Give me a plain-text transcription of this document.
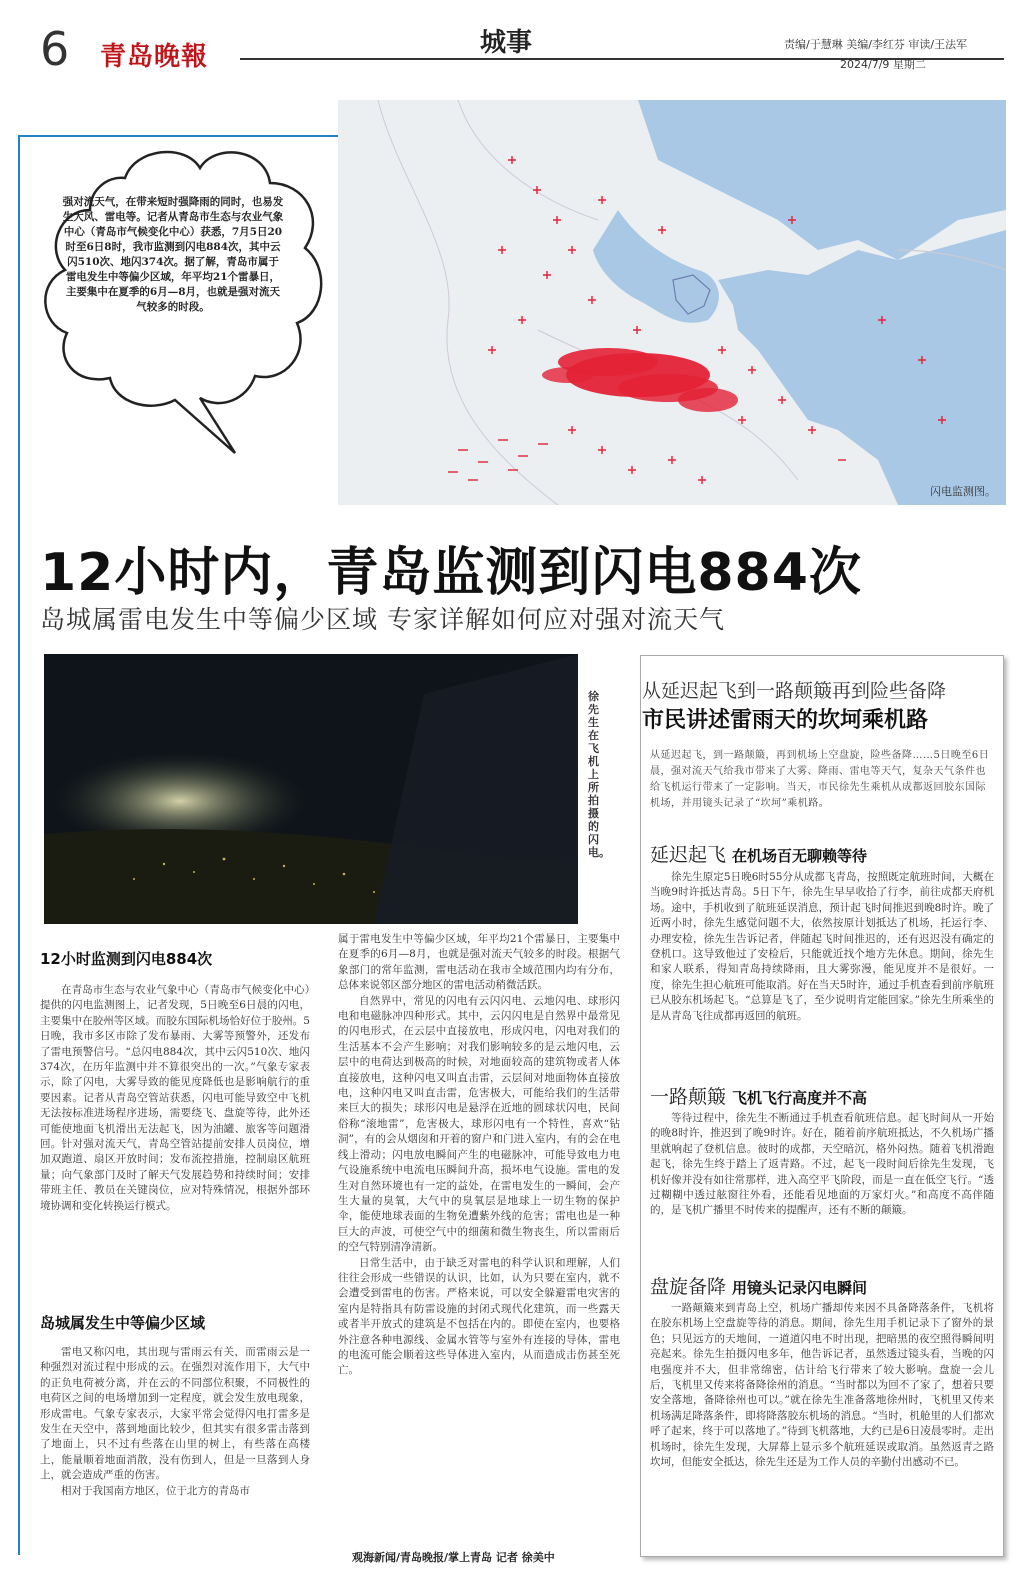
6 青岛晚報	城事	责编/于慧琳 美编/李红芬 审读/王法军
2024/7/9 星期二
闪电监测图。
强对流天气，在带来短时强降雨的同时，也易发生大风、雷电等。记者从青岛市生态与农业气象中心（青岛市气候变化中心）获悉，7月5日20时至6日8时，我市监测到闪电884次，其中云闪510次、地闪374次。据了解，青岛市属于雷电发生中等偏少区域，年平均21个雷暴日，主要集中在夏季的6月—8月，也就是强对流天气较多的时段。
12小时内，青岛监测到闪电884次
岛城属雷电发生中等偏少区域 专家详解如何应对强对流天气
徐先生在飞机上所拍摄的闪电。
12小时监测到闪电884次

在青岛市生态与农业气象中心（青岛市气候变化中心）提供的闪电监测图上，记者发现，5日晚至6日晨的闪电，主要集中在胶州等区域。而胶东国际机场恰好位于胶州。5日晚，我市多区市除了发布暴雨、大雾等预警外，还发布了雷电预警信号。“总闪电884次，其中云闪510次、地闪374次，在历年监测中并不算很突出的一次。”气象专家表示，除了闪电，大雾导致的能见度降低也是影响航行的重要因素。记者从青岛空管站获悉，闪电可能导致空中飞机无法按标准进场程序进场，需要绕飞、盘旋等待，此外还可能使地面飞机滑出无法起飞，因为油罐、旅客等问题滑回。针对强对流天气，青岛空管站提前安排人员岗位，增加双跑道、扇区开放时间；发布流控措施，控制扇区航班量；向气象部门及时了解天气发展趋势和持续时间；安排带班主任、教员在关键岗位，应对特殊情况，根据外部环境协调和变化转换运行模式。

岛城属发生中等偏少区域

雷电又称闪电，其出现与雷雨云有关，而雷雨云是一种强烈对流过程中形成的云。在强烈对流作用下，大气中的正负电荷被分离，并在云的不同部位积聚，不同极性的电荷区之间的电场增加到一定程度，就会发生放电现象，形成雷电。气象专家表示，大家平常会觉得闪电打雷多是发生在天空中，落到地面比较少，但其实有很多雷击落到了地面上，只不过有些落在山里的树上，有些落在高楼上，能量顺着地面消散，没有伤到人，但是一旦落到人身上，就会造成严重的伤害。

相对于我国南方地区，位于北方的青岛市

属于雷电发生中等偏少区域，年平均21个雷暴日，主要集中在夏季的6月—8月，也就是强对流天气较多的时段。根据气象部门的常年监测，雷电活动在我市全域范围内均有分布，总体来说邻区部分地区的雷电活动稍微活跃。

自然界中，常见的闪电有云闪闪电、云地闪电、球形闪电和电磁脉冲四种形式。其中，云闪闪电是自然界中最常见的闪电形式，在云层中直接放电，形成闪电，闪电对我们的生活基本不会产生影响；对我们影响较多的是云地闪电，云层中的电荷达到极高的时候，对地面较高的建筑物或者人体直接放电，这种闪电又叫直击雷，云层间对地面物体直接放电，这种闪电又叫直击雷，危害极大，可能给我们的生活带来巨大的损失；球形闪电是悬浮在近地的圆球状闪电，民间俗称“滚地雷”，危害极大，球形闪电有一个特性，喜欢“钻洞”，有的会从烟囱和开着的窗户和门进入室内，有的会在电线上滑动；闪电放电瞬间产生的电磁脉冲，可能导致电力电气设施系统中电流电压瞬间升高，损坏电气设施。雷电的发生对自然环境也有一定的益处，在雷电发生的一瞬间，会产生大量的臭氧，大气中的臭氧层是地球上一切生物的保护伞，能使地球表面的生物免遭紫外线的危害；雷电也是一种巨大的声波，可使空气中的细菌和微生物丧生，所以雷雨后的空气特别清净清新。

日常生活中，由于缺乏对雷电的科学认识和理解，人们往往会形成一些错误的认识，比如，认为只要在室内，就不会遭受到雷电的伤害。严格来说，可以安全躲避雷电灾害的室内是特指具有防雷设施的封闭式现代化建筑，而一些露天或者半开放式的建筑是不包括在内的。即使在室内，也要格外注意各种电源线、金属水管等与室外有连接的导体，雷电的电流可能会顺着这些导体进入室内，从而造成击伤甚至死亡。

观海新闻/青岛晚报/掌上青岛 记者 徐美中
从延迟起飞到一路颠簸再到险些备降
市民讲述雷雨天的坎坷乘机路
从延迟起飞，到一路颠簸，再到机场上空盘旋，险些备降……5日晚至6日晨，强对流天气给我市带来了大雾、降雨、雷电等天气，复杂天气条件也给飞机运行带来了一定影响。当天，市民徐先生乘机从成都返回胶东国际机场，并用镜头记录了“坎坷”乘机路。
延迟起飞 在机场百无聊赖等待

徐先生原定5日晚6时55分从成都飞青岛，按照既定航班时间，大概在当晚9时许抵达青岛。5日下午，徐先生早早收拾了行李，前往成都天府机场。途中，手机收到了航班延误消息，预计起飞时间推迟到晚8时许。晚了近两小时，徐先生感觉问题不大，依然按原计划抵达了机场，托运行李、办理安检，徐先生告诉记者，伴随起飞时间推迟的，还有迟迟没有确定的登机口。这导致他过了安检后，只能就近找个地方先休息。期间，徐先生和家人联系，得知青岛持续降雨，且大雾弥漫，能见度并不是很好。一度，徐先生担心航班可能取消。好在当天5时许，通过手机查看到前序航班已从胶东机场起飞。“总算是飞了，至少说明肯定能回家。”徐先生所乘坐的是从青岛飞往成都再返回的航班。

一路颠簸 飞机飞行高度并不高

等待过程中，徐先生不断通过手机查看航班信息。起飞时间从一开始的晚8时许，推迟到了晚9时许。好在，随着前序航班抵达，不久机场广播里就响起了登机信息。彼时的成都，天空暗沉，格外闷热。随着飞机滑跑起飞，徐先生终于踏上了返青路。不过，起飞一段时间后徐先生发现，飞机好像并没有如往常那样，进入高空平飞阶段，而是一直在低空飞行。“透过糊糊中透过舷窗往外看，还能看见地面的万家灯火。”和高度不高伴随的，是飞机广播里不时传来的提醒声，还有不断的颠簸。

盘旋备降 用镜头记录闪电瞬间

一路颠簸来到青岛上空，机场广播却传来因不具备降落条件，飞机将在胶东机场上空盘旋等待的消息。期间，徐先生用手机记录下了窗外的景色；只见远方的天地间，一道道闪电不时出现，把暗黑的夜空照得瞬间明亮起来。徐先生拍摄闪电多年，他告诉记者，虽然透过镜头看，当晚的闪电强度并不大，但非常绵密，估计给飞行带来了较大影响。盘旋一会儿后，飞机里又传来将备降徐州的消息。“当时都以为回不了家了，想着只要安全落地，备降徐州也可以。”就在徐先生准备落地徐州时，飞机里又传来机场满足降落条件，即将降落胶东机场的消息。“当时，机舱里的人们都欢呼了起来，终于可以落地了。”待到飞机落地，大约已是6日凌晨零时。走出机场时，徐先生发现，大屏幕上显示多个航班延误或取消。虽然返青之路坎坷，但能安全抵达，徐先生还是为工作人员的辛勤付出感动不已。
